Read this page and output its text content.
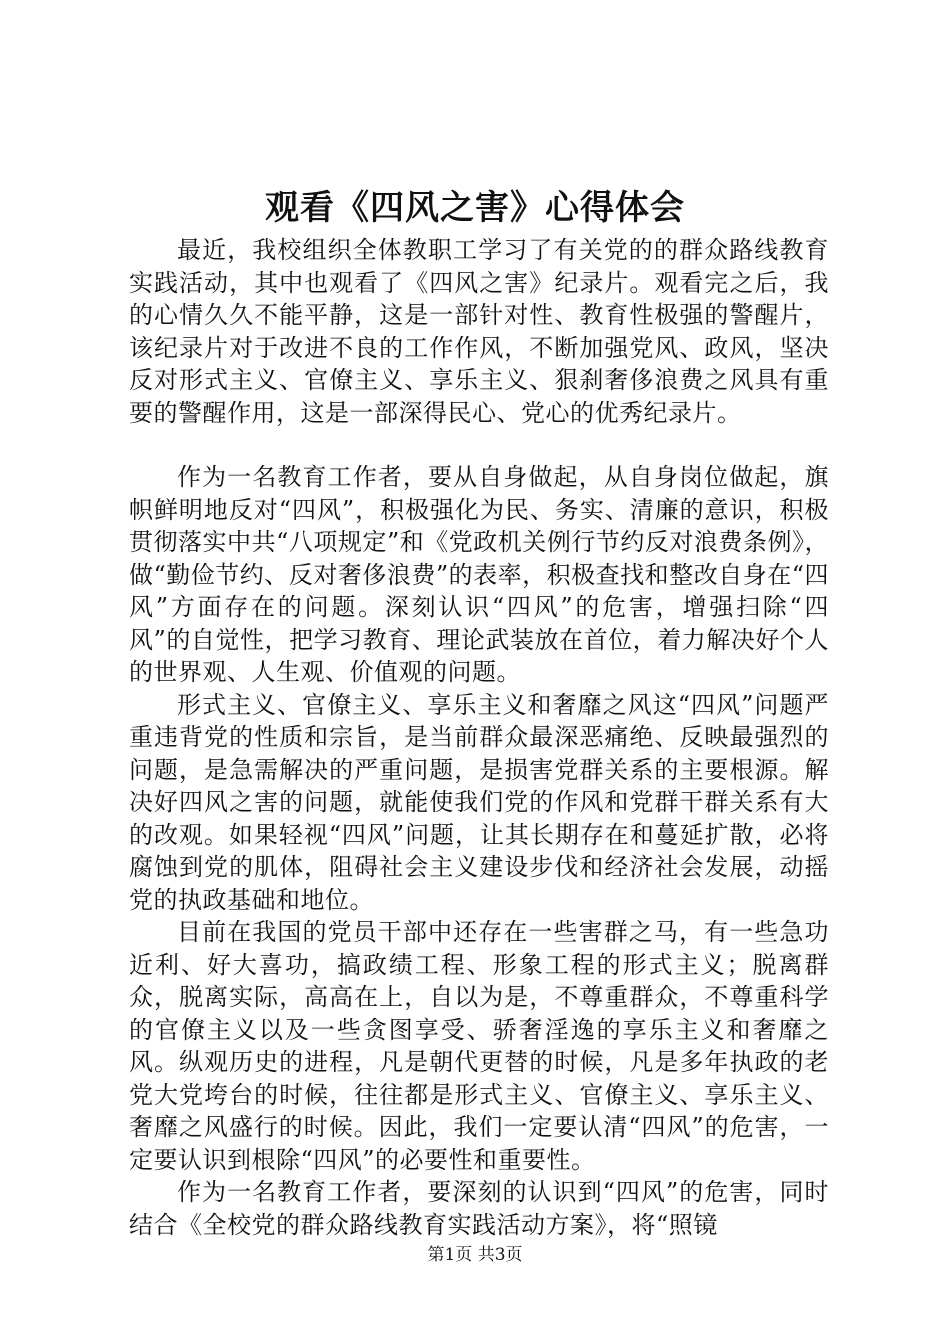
观看《四风之害》心得体会

最近，我校组织全体教职工学习了有关党的的群众路线教育实践活动，其中也观看了《四风之害》纪录片。观看完之后，我的心情久久不能平静，这是一部针对性、教育性极强的警醒片，该纪录片对于改进不良的工作作风，不断加强党风、政风，坚决反对形式主义、官僚主义、享乐主义、狠刹奢侈浪费之风具有重要的警醒作用，这是一部深得民心、党心的优秀纪录片。

作为一名教育工作者，要从自身做起，从自身岗位做起，旗帜鲜明地反对“四风”，积极强化为民、务实、清廉的意识，积极贯彻落实中共“八项规定”和《党政机关例行节约反对浪费条例》，做“勤俭节约、反对奢侈浪费”的表率，积极查找和整改自身在“四风”方面存在的问题。深刻认识“四风”的危害，增强扫除“四风”的自觉性，把学习教育、理论武装放在首位，着力解决好个人的世界观、人生观、价值观的问题。

形式主义、官僚主义、享乐主义和奢靡之风这“四风”问题严重违背党的性质和宗旨，是当前群众最深恶痛绝、反映最强烈的问题，是急需解决的严重问题，是损害党群关系的主要根源。解决好四风之害的问题，就能使我们党的作风和党群干群关系有大的改观。如果轻视“四风”问题，让其长期存在和蔓延扩散，必将腐蚀到党的肌体，阻碍社会主义建设步伐和经济社会发展，动摇党的执政基础和地位。

目前在我国的党员干部中还存在一些害群之马，有一些急功近利、好大喜功，搞政绩工程、形象工程的形式主义；脱离群众，脱离实际，高高在上，自以为是，不尊重群众，不尊重科学的官僚主义以及一些贪图享受、骄奢淫逸的享乐主义和奢靡之风。纵观历史的进程，凡是朝代更替的时候，凡是多年执政的老党大党垮台的时候，往往都是形式主义、官僚主义、享乐主义、奢靡之风盛行的时候。因此，我们一定要认清“四风”的危害，一定要认识到根除“四风”的必要性和重要性。

作为一名教育工作者，要深刻的认识到“四风”的危害，同时结合《全校党的群众路线教育实践活动方案》，将“照镜

第1页 共3页
